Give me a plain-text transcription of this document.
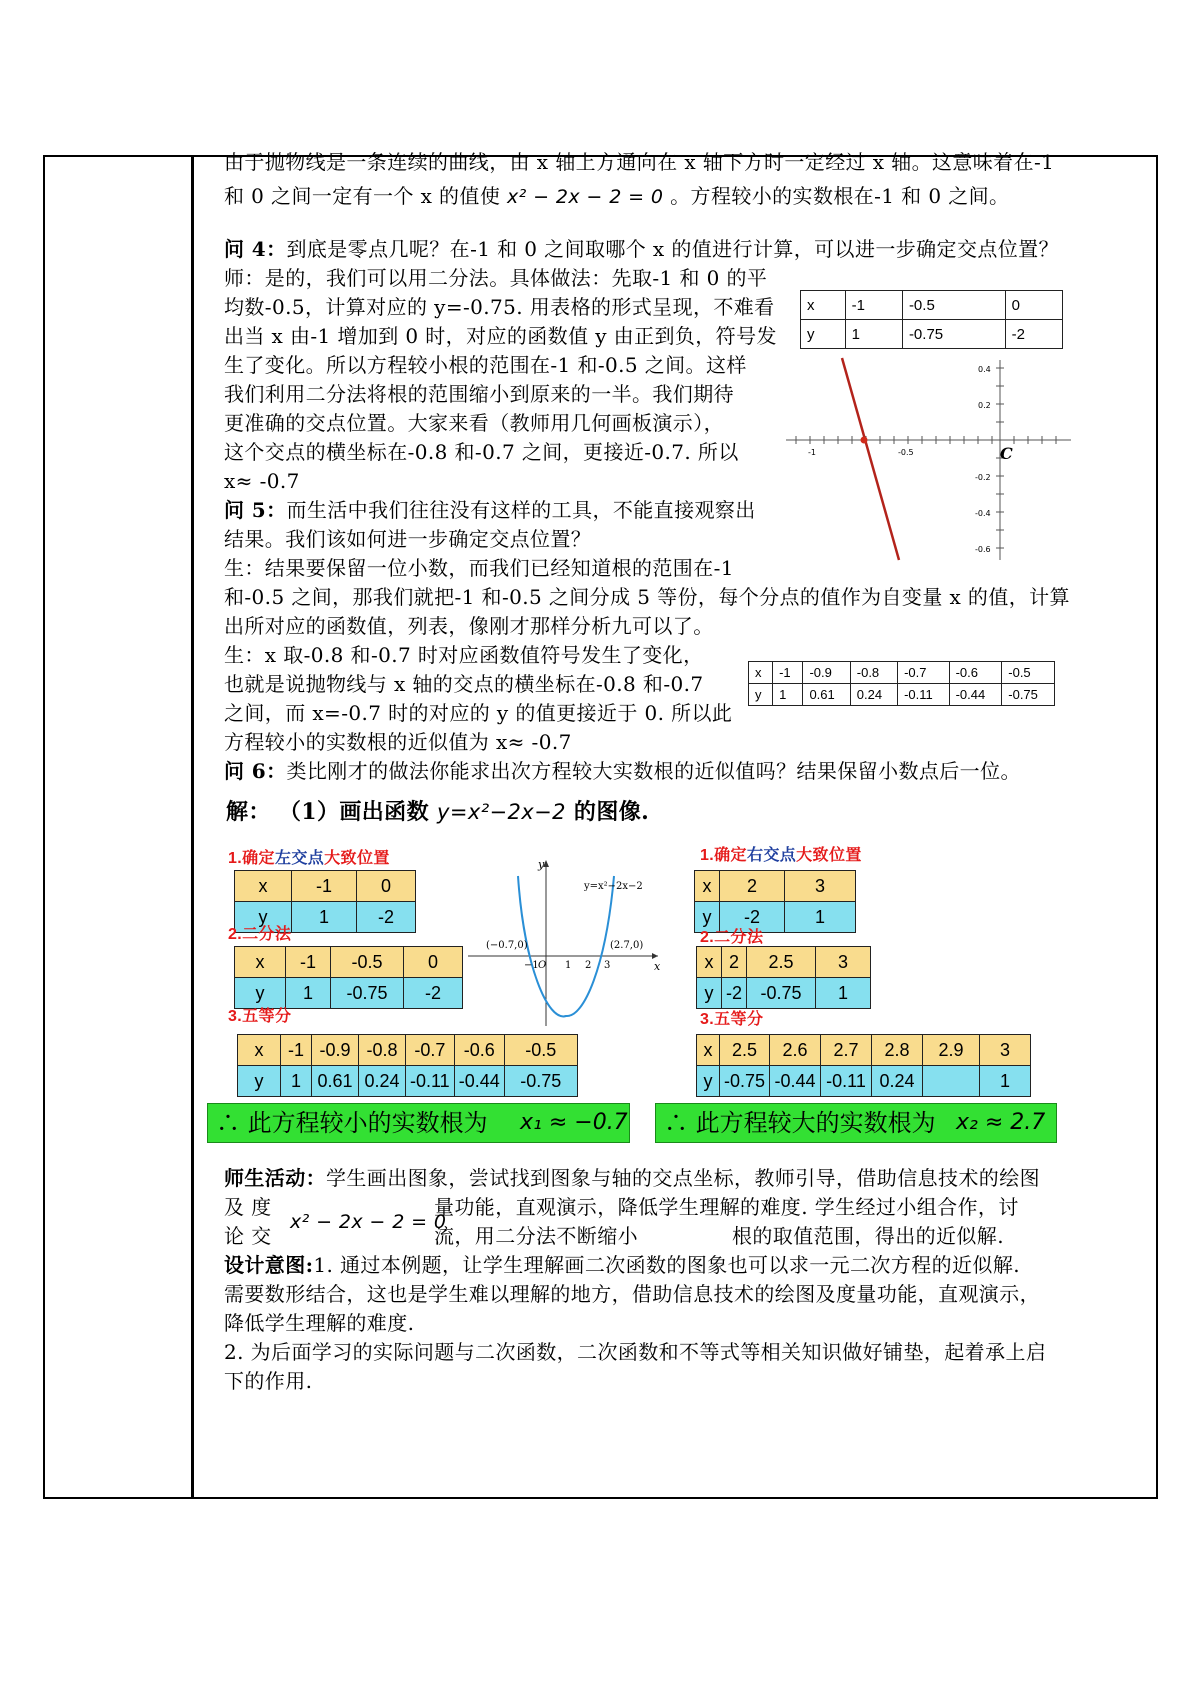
由于抛物线是一条连续的曲线，由 x 轴上方通向在 x 轴下方时一定经过 x 轴。这意味着在-1
和 0 之间一定有一个 x 的值使 x² − 2x − 2 = 0 。方程较小的实数根在-1 和 0 之间。
问 4：到底是零点几呢？在-1 和 0 之间取哪个 x 的值进行计算，可以进一步确定交点位置？
师：是的，我们可以用二分法。具体做法：先取-1 和 0 的平
均数-0.5，计算对应的 y=-0.75. 用表格的形式呈现，不难看
出当 x 由-1 增加到 0 时，对应的函数值 y 由正到负，符号发
生了变化。所以方程较小根的范围在-1 和-0.5 之间。这样
我们利用二分法将根的范围缩小到原来的一半。我们期待
更准确的交点位置。大家来看（教师用几何画板演示），
这个交点的横坐标在-0.8 和-0.7 之间，更接近-0.7. 所以
x≈ -0.7
x	-1	-0.5	0
y	1	-0.75	-2
0.4
0.2
-0.2
-0.4
-0.6
-1	-0.5	C
问 5：而生活中我们往往没有这样的工具，不能直接观察出
结果。我们该如何进一步确定交点位置？
生：结果要保留一位小数，而我们已经知道根的范围在-1
和-0.5 之间，那我们就把-1 和-0.5 之间分成 5 等份，每个分点的值作为自变量 x 的值，计算
出所对应的函数值，列表，像刚才那样分析九可以了。
生：x 取-0.8 和-0.7 时对应函数值符号发生了变化，
也就是说抛物线与 x 轴的交点的横坐标在-0.8 和-0.7
之间，而 x=-0.7 时的对应的 y 的值更接近于 0. 所以此
方程较小的实数根的近似值为 x≈ -0.7
x	-1	-0.9	-0.8	-0.7	-0.6	-0.5
y	1	0.61	0.24	-0.11	-0.44	-0.75
问 6：类比刚才的做法你能求出次方程较大实数根的近似值吗？结果保留小数点后一位。
解： （1）画出函数 y=x²−2x−2 的图像.
1.确定左交点大致位置
x	-1	0
y	1	-2
2.二分法
x	-1	-0.5	0
y	1	-0.75	-2
3.五等分
x	-1	-0.9	-0.8	-0.7	-0.6	-0.5
y	1	0.61	0.24	-0.11	-0.44	-0.75
∴ 此方程较小的实数根为 x₁ ≈ −0.7
x
y
y=x²−2x−2
(−0.7,0)	(2.7,0)
−1 O 1 2 3
1.确定右交点大致位置
x	2	3
y	-2	1
2.二分法
x	2	2.5	3
y	-2	-0.75	1
3.五等分
x	2.5	2.6	2.7	2.8	2.9	3
y	-0.75	-0.44	-0.11	0.24		1
∴ 此方程较大的实数根为 x₂ ≈ 2.7
师生活动：学生画出图象，尝试找到图象与轴的交点坐标，教师引导，借助信息技术的绘图
及 度	量功能，直观演示，降低学生理解的难度. 学生经过小组合作，讨
论 交	流，用二分法不断缩小	根的取值范围，得出的近似解.
x² − 2x − 2 = 0
设计意图:1. 通过本例题，让学生理解画二次函数的图象也可以求一元二次方程的近似解.
需要数形结合，这也是学生难以理解的地方，借助信息技术的绘图及度量功能，直观演示，
降低学生理解的难度.
2. 为后面学习的实际问题与二次函数，二次函数和不等式等相关知识做好铺垫，起着承上启
下的作用.
